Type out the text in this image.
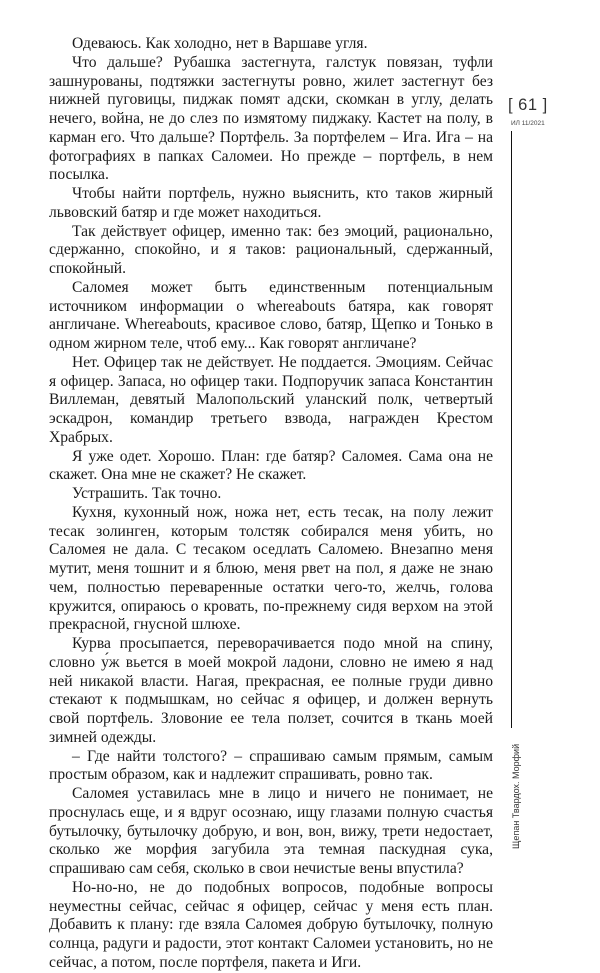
Одеваюсь. Как холодно, нет в Варшаве угля.

Что дальше? Рубашка застегнута, галстук повязан, туфли зашнурованы, подтяжки застегнуты ровно, жилет застегнут без нижней пуговицы, пиджак помят адски, скомкан в углу, делать нечего, война, не до слез по измятому пиджаку. Кастет на полу, в карман его. Что дальше? Портфель. За портфелем – Ига. Ига – на фотографиях в папках Саломеи. Но прежде – портфель, в нем посылка.

Чтобы найти портфель, нужно выяснить, кто таков жирный львовский батяр и где может находиться.

Так действует офицер, именно так: без эмоций, рационально, сдержанно, спокойно, и я таков: рациональный, сдержанный, спокойный.

Саломея может быть единственным потенциальным источником информации о whereabouts батяра, как говорят англичане. Whereabouts, красивое слово, батяр, Щепко и Тонько в одном жирном теле, чтоб ему... Как говорят англичане?

Нет. Офицер так не действует. Не поддается. Эмоциям. Сейчас я офицер. Запаса, но офицер таки. Подпоручик запаса Константин Виллеман, девятый Малопольский уланский полк, четвертый эскадрон, командир третьего взвода, награжден Крестом Храбрых.

Я уже одет. Хорошо. План: где батяр? Саломея. Сама она не скажет. Она мне не скажет? Не скажет.

Устрашить. Так точно.

Кухня, кухонный нож, ножа нет, есть тесак, на полу лежит тесак золинген, которым толстяк собирался меня убить, но Саломея не дала. С тесаком оседлать Саломею. Внезапно меня мутит, меня тошнит и я блюю, меня рвет на пол, я даже не знаю чем, полностью переваренные остатки чего-то, желчь, голова кружится, опираюсь о кровать, по-прежнему сидя верхом на этой прекрасной, гнусной шлюхе.

Курва просыпается, переворачивается подо мной на спину, словно у́ж вьется в моей мокрой ладони, словно не имею я над ней никакой власти. Нагая, прекрасная, ее полные груди дивно стекают к подмышкам, но сейчас я офицер, и должен вернуть свой портфель. Зловоние ее тела ползет, сочится в ткань моей зимней одежды.

– Где найти толстого? – спрашиваю самым прямым, самым простым образом, как и надлежит спрашивать, ровно так.

Саломея уставилась мне в лицо и ничего не понимает, не проснулась еще, и я вдруг осознаю, ищу глазами полную счастья бутылочку, бутылочку добрую, и вон, вон, вижу, трети недостает, сколько же морфия загубила эта темная паскудная сука, спрашиваю сам себя, сколько в свои нечистые вены впустила?

Но-но-но, не до подобных вопросов, подобные вопросы неуместны сейчас, сейчас я офицер, сейчас у меня есть план. Добавить к плану: где взяла Саломея добрую бутылочку, полную солнца, радуги и радости, этот контакт Саломеи установить, но не сейчас, а потом, после портфеля, пакета и Иги.

[ 61 ]
ИЛ 11/2021
Щепан Твардох. Морфий
